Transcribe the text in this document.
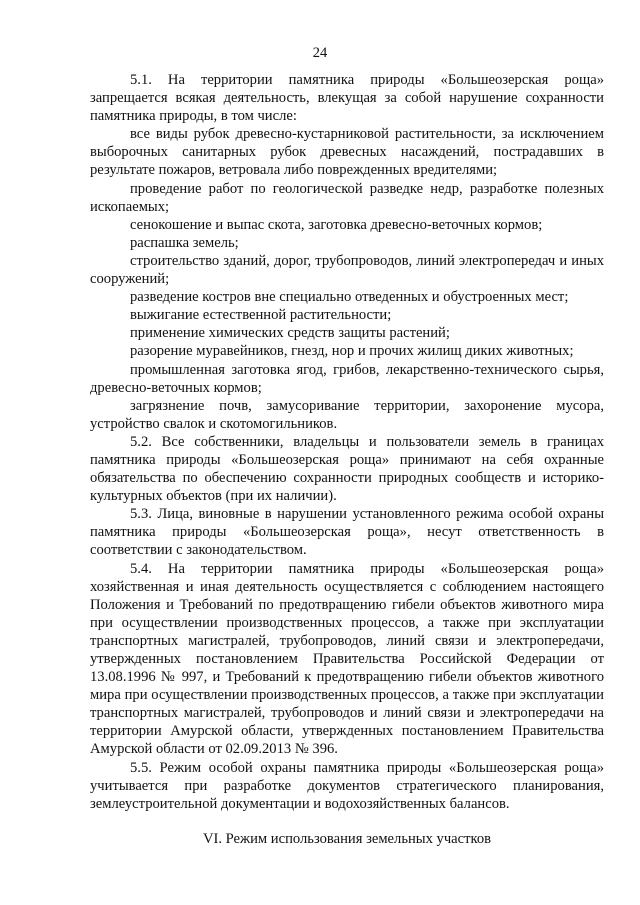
24

5.1. На территории памятника природы «Большеозерская роща» запрещается всякая деятельность, влекущая за собой нарушение сохранности памятника природы, в том числе:

все виды рубок древесно-кустарниковой растительности, за исключением выборочных санитарных рубок древесных насаждений, пострадавших в результате пожаров, ветровала либо поврежденных вредителями;

проведение работ по геологической разведке недр, разработке полезных ископаемых;

сенокошение и выпас скота, заготовка древесно-веточных кормов;

распашка земель;

строительство зданий, дорог, трубопроводов, линий электропередач и иных сооружений;

разведение костров вне специально отведенных и обустроенных мест;

выжигание естественной растительности;

применение химических средств защиты растений;

разорение муравейников, гнезд, нор и прочих жилищ диких животных;

промышленная заготовка ягод, грибов, лекарственно-технического сырья, древесно-веточных кормов;

загрязнение почв, замусоривание территории, захоронение мусора, устройство свалок и скотомогильников.

5.2. Все собственники, владельцы и пользователи земель в границах памятника природы «Большеозерская роща» принимают на себя охранные обязательства по обеспечению сохранности природных сообществ и историко-культурных объектов (при их наличии).

5.3. Лица, виновные в нарушении установленного режима особой охраны памятника природы «Большеозерская роща», несут ответственность в соответствии с законодательством.

5.4. На территории памятника природы «Большеозерская роща» хозяйственная и иная деятельность осуществляется с соблюдением настоящего Положения и Требований по предотвращению гибели объектов животного мира при осуществлении производственных процессов, а также при эксплуатации транспортных магистралей, трубопроводов, линий связи и электропередачи, утвержденных постановлением Правительства Российской Федерации от 13.08.1996 № 997, и Требований к предотвращению гибели объектов животного мира при осуществлении производственных процессов, а также при эксплуатации транспортных магистралей, трубопроводов и линий связи и электропередачи на территории Амурской области, утвержденных постановлением Правительства Амурской области от 02.09.2013 № 396.

5.5. Режим особой охраны памятника природы «Большеозерская роща» учитывается при разработке документов стратегического планирования, землеустроительной документации и водохозяйственных балансов.

VI. Режим использования земельных участков
